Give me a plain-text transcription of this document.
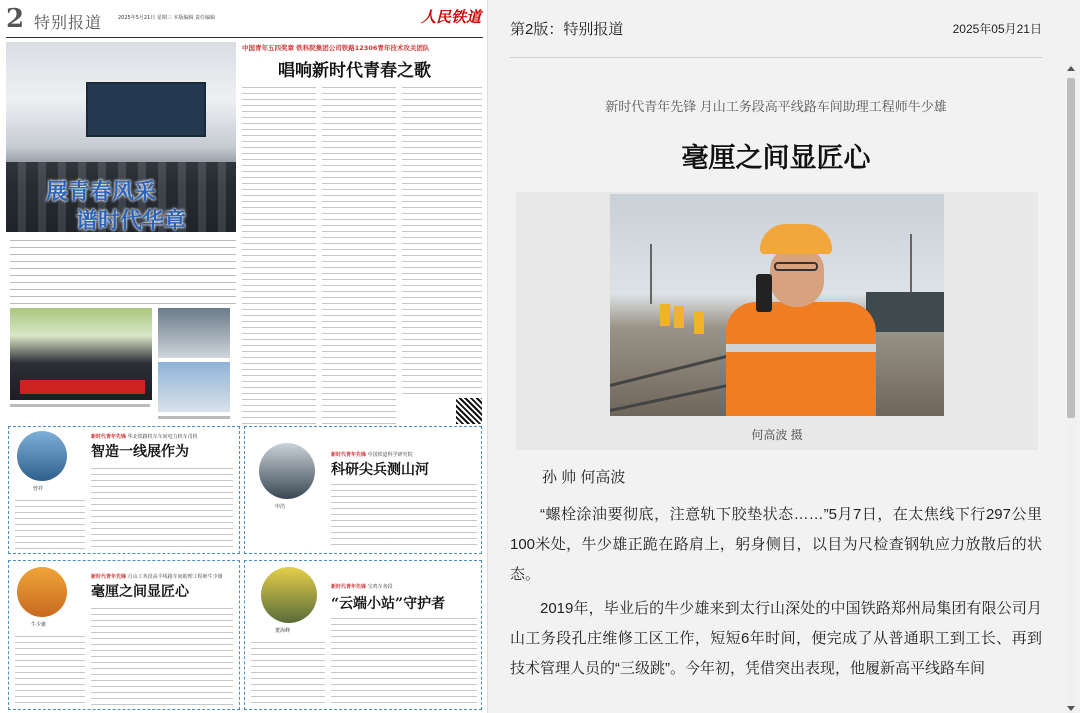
2 特别报道	2025年5月21日 星期三 本版编辑 责任编辑	人民铁道
展青春风采
谱时代华章
中国青年五四奖章 铁科院集团公司铁路12306青年技术攻关团队
唱响新时代青春之歌
曾祥
新时代青年先锋 华北铁路机车车间电力机车司机
智造一线展作为
申浩
新时代青年先锋 中国铁道科学研究院
科研尖兵测山河
牛少雄
新时代青年先锋 月山工务段高平线路车间助理工程师牛少雄
毫厘之间显匠心
董海峰
新时代青年先锋 宝鸡车务段
“云端小站”守护者
第2版：特别报道	2025年05月21日
新时代青年先锋 月山工务段高平线路车间助理工程师牛少雄
毫厘之间显匠心
何高波 摄
孙 帅 何高波

“螺栓涂油要彻底，注意轨下胶垫状态……”5月7日，在太焦线下行297公里100米处，牛少雄正跪在路肩上，躬身侧目，以目为尺检查钢轨应力放散后的状态。

2019年，毕业后的牛少雄来到太行山深处的中国铁路郑州局集团有限公司月山工务段孔庄维修工区工作，短短6年时间，便完成了从普通职工到工长、再到技术管理人员的“三级跳”。今年初，凭借突出表现，他履新高平线路车间
